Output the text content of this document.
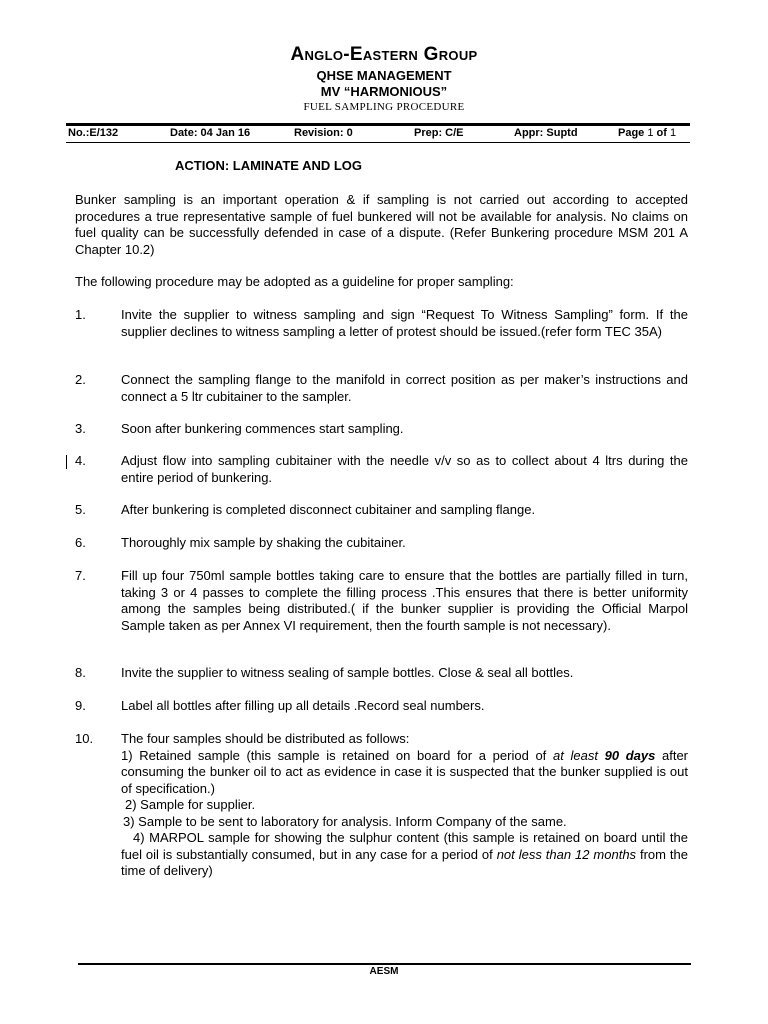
Anglo-Eastern Group
QHSE MANAGEMENT
MV “HARMONIOUS”
FUEL SAMPLING PROCEDURE
No.:E/132	Date: 04 Jan 16	Revision: 0	Prep: C/E	Appr: Suptd	Page 1 of 1
ACTION: LAMINATE AND LOG
Bunker sampling is an important operation & if sampling is not carried out according to accepted procedures a true representative sample of fuel bunkered will not be available for analysis. No claims on fuel quality can be successfully defended in case of a dispute. (Refer Bunkering procedure MSM 201 A Chapter 10.2)
The following procedure may be adopted as a guideline for proper sampling:
1.	Invite the supplier to witness sampling and sign “Request To Witness Sampling” form. If the supplier declines to witness sampling a letter of protest should be issued.(refer form TEC 35A)
2.	Connect the sampling flange to the manifold in correct position as per maker’s instructions and connect a 5 ltr cubitainer to the sampler.
3.	Soon after bunkering commences start sampling.
4.	Adjust flow into sampling cubitainer with the needle v/v so as to collect about 4 ltrs during the entire period of bunkering.
5.	After bunkering is completed disconnect cubitainer and sampling flange.
6.	Thoroughly mix sample by shaking the cubitainer.
7.	Fill up four 750ml sample bottles taking care to ensure that the bottles are partially filled in turn, taking 3 or 4 passes to complete the filling process .This ensures that there is better uniformity among the samples being distributed.( if the bunker supplier is providing the Official Marpol Sample taken as per Annex VI requirement, then the fourth sample is not necessary).
8.	Invite the supplier to witness sealing of sample bottles. Close & seal all bottles.
9.	Label all bottles after filling up all details .Record seal numbers.
10.	The four samples should be distributed as follows:
1) Retained sample (this sample is retained on board for a period of at least 90 days after consuming the bunker oil to act as evidence in case it is suspected that the bunker supplied is out of specification.)
2) Sample for supplier.
3) Sample to be sent to laboratory for analysis. Inform Company of the same.
4) MARPOL sample for showing the sulphur content (this sample is retained on board until the fuel oil is substantially consumed, but in any case for a period of not less than 12 months from the time of delivery)
AESM
